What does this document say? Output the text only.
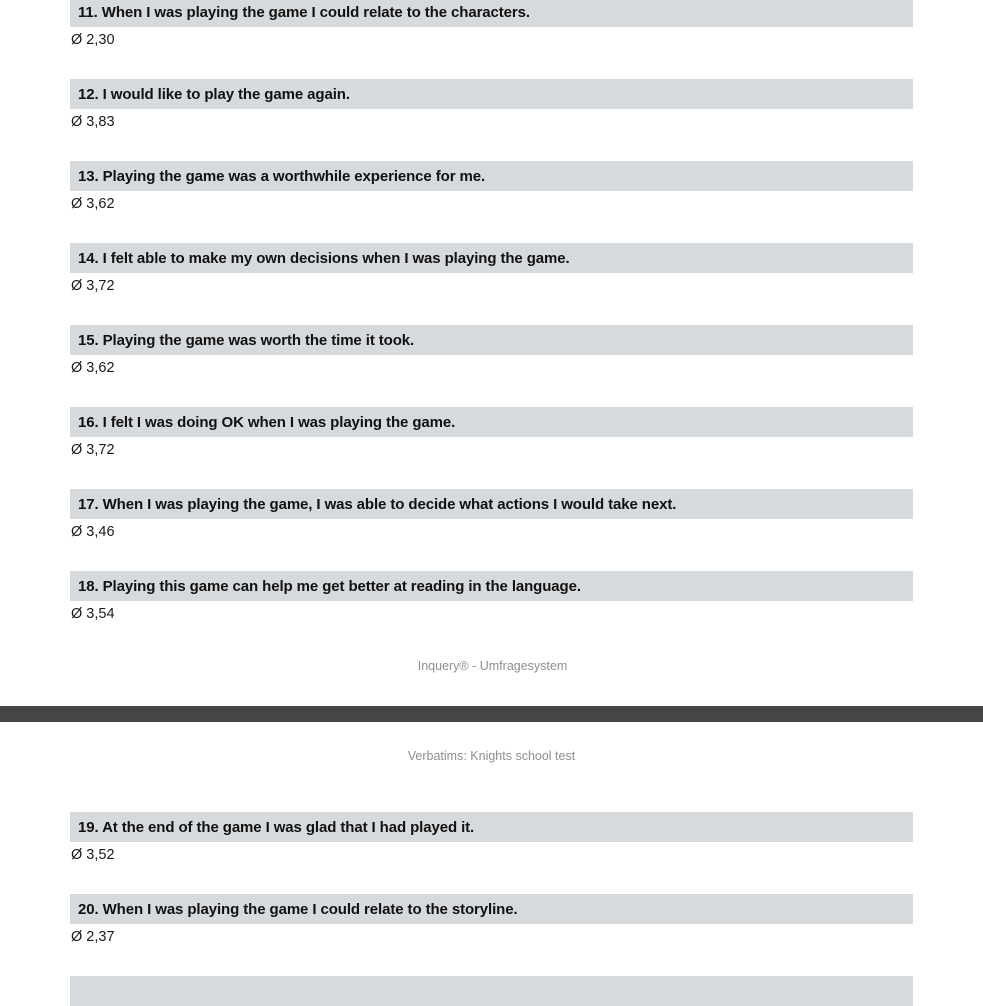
11. When I was playing the game I could relate to the characters.
Ø 2,30
12. I would like to play the game again.
Ø 3,83
13. Playing the game was a worthwhile experience for me.
Ø 3,62
14. I felt able to make my own decisions when I was playing the game.
Ø 3,72
15. Playing the game was worth the time it took.
Ø 3,62
16. I felt I was doing OK when I was playing the game.
Ø 3,72
17. When I was playing the game, I was able to decide what actions I would take next.
Ø 3,46
18. Playing this game can help me get better at reading in the language.
Ø 3,54
Inquery® - Umfragesystem
Verbatims: Knights school test
19. At the end of the game I was glad that I had played it.
Ø 3,52
20. When I was playing the game I could relate to the storyline.
Ø 2,37
